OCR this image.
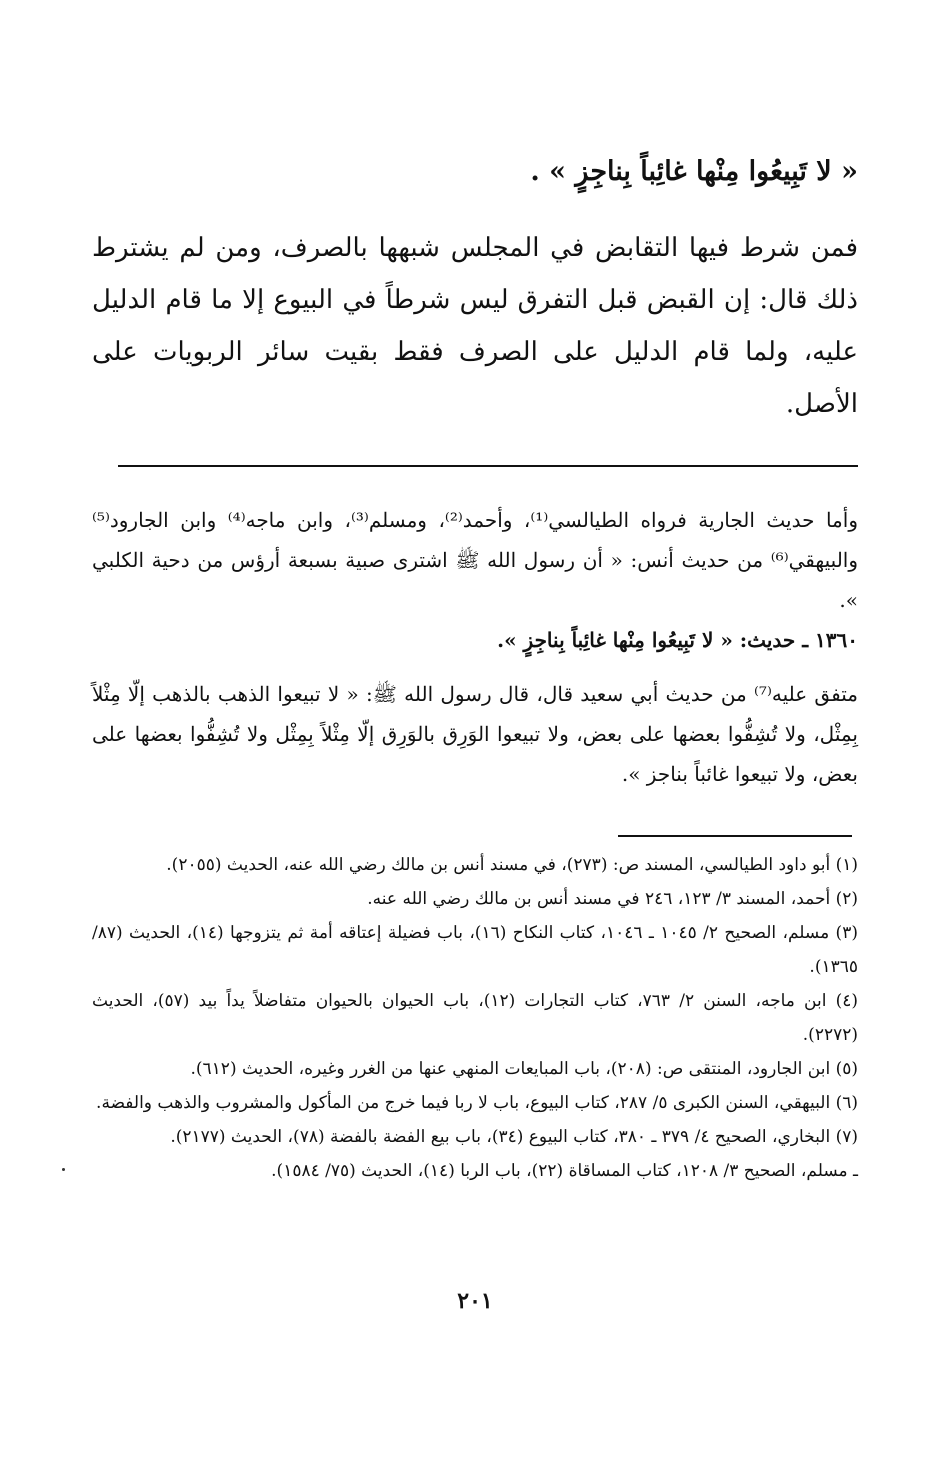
« لا تَبِيعُوا مِنْها غائِباً بِناجِزٍ » .

فمن شرط فيها التقابض في المجلس شبهها بالصرف، ومن لم يشترط ذلك قال: إن القبض قبل التفرق ليس شرطاً في البيوع إلا ما قام الدليل عليه، ولما قام الدليل على الصرف فقط بقيت سائر الربويات على الأصل.

وأما حديث الجارية فرواه الطيالسي⁽¹⁾، وأحمد⁽²⁾، ومسلم⁽³⁾، وابن ماجه⁽⁴⁾ وابن الجارود⁽⁵⁾ والبيهقي⁽⁶⁾ من حديث أنس: « أن رسول الله ﷺ اشترى صبية بسبعة أرؤس من دحية الكلبي ».

١٣٦٠ ـ حديث: « لا تَبِيعُوا مِنْها غائِباً بِناجِزٍ ».

متفق عليه⁽⁷⁾ من حديث أبي سعيد قال، قال رسول الله ﷺ: « لا تبيعوا الذهب بالذهب إلّا مِثْلاً بِمِثْل، ولا تُشِفُّوا بعضها على بعض، ولا تبيعوا الوَرِق بالوَرِق إلّا مِثْلاً بِمِثْل ولا تُشِفُّوا بعضها على بعض، ولا تبيعوا غائباً بناجز ».

(١) أبو داود الطيالسي، المسند ص: (٢٧٣)، في مسند أنس بن مالك رضي الله عنه، الحديث (٢٠٥٥).

(٢) أحمد، المسند ٣/ ١٢٣، ٢٤٦ في مسند أنس بن مالك رضي الله عنه.

(٣) مسلم، الصحيح ٢/ ١٠٤٥ ـ ١٠٤٦، كتاب النكاح (١٦)، باب فضيلة إعتاقه أمة ثم يتزوجها (١٤)، الحديث (٨٧/ ١٣٦٥).

(٤) ابن ماجه، السنن ٢/ ٧٦٣، كتاب التجارات (١٢)، باب الحيوان بالحيوان متفاضلاً يداً بيد (٥٧)، الحديث (٢٢٧٢).

(٥) ابن الجارود، المنتقى ص: (٢٠٨)، باب المبايعات المنهي عنها من الغرر وغيره، الحديث (٦١٢).

(٦) البيهقي، السنن الكبرى ٥/ ٢٨٧، كتاب البيوع، باب لا ربا فيما خرج من المأكول والمشروب والذهب والفضة.

(٧) البخاري، الصحيح ٤/ ٣٧٩ ـ ٣٨٠، كتاب البيوع (٣٤)، باب بيع الفضة بالفضة (٧٨)، الحديث (٢١٧٧).

ـ مسلم، الصحيح ٣/ ١٢٠٨، كتاب المساقاة (٢٢)، باب الربا (١٤)، الحديث (٧٥/ ١٥٨٤).

٢٠١
